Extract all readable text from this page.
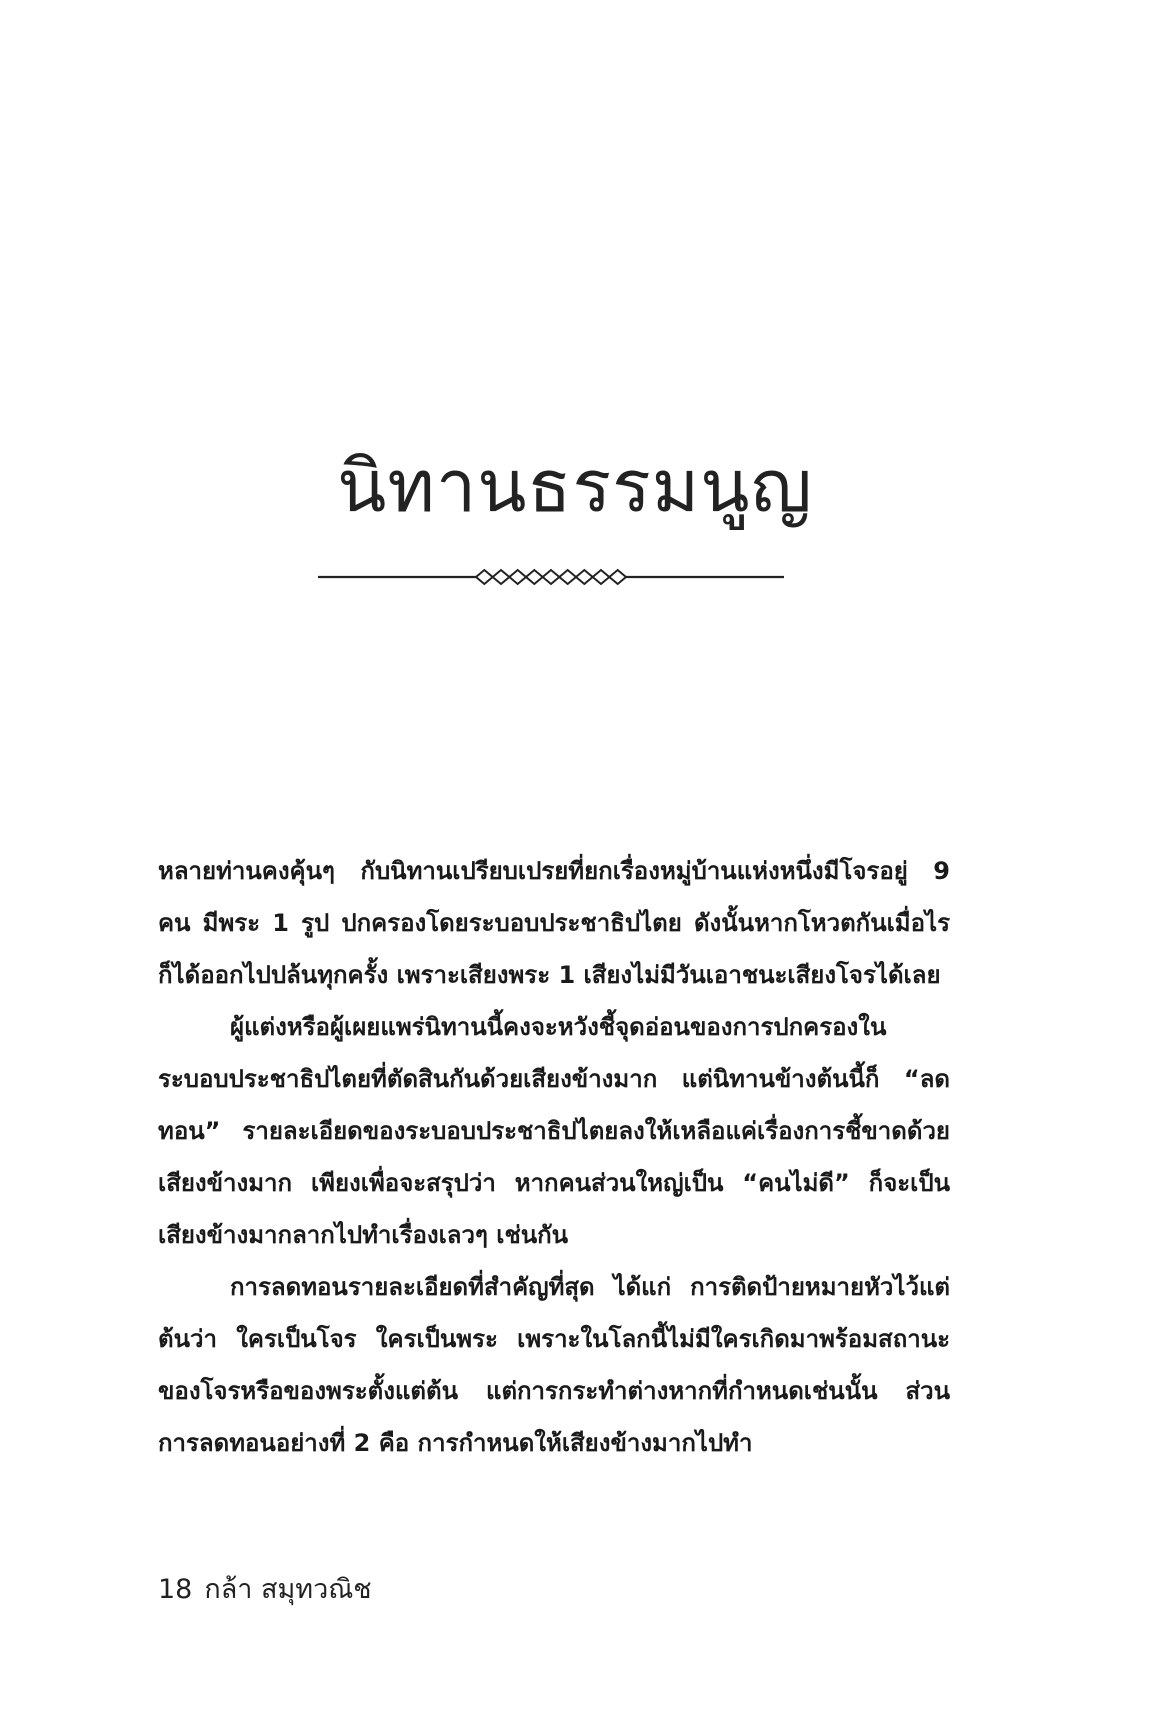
นิทานธรรมนูญ

หลายท่านคงคุ้นๆ กับนิทานเปรียบเปรยที่ยกเรื่องหมู่บ้านแห่งหนึ่งมีโจรอยู่ 9 คน มีพระ 1 รูป ปกครองโดยระบอบประชาธิปไตย ดังนั้นหากโหวตกันเมื่อไร ก็ได้ออกไปปล้นทุกครั้ง เพราะเสียงพระ 1 เสียงไม่มีวันเอาชนะเสียงโจรได้เลย

ผู้แต่งหรือผู้เผยแพร่นิทานนี้คงจะหวังชี้จุดอ่อนของการปกครองในระบอบประชาธิปไตยที่ตัดสินกันด้วยเสียงข้างมาก แต่นิทานข้างต้นนี้ก็ “ลดทอน” รายละเอียดของระบอบประชาธิปไตยลงให้เหลือแค่เรื่องการชี้ขาดด้วยเสียงข้างมาก เพียงเพื่อจะสรุปว่า หากคนส่วนใหญ่เป็น “คนไม่ดี” ก็จะเป็นเสียงข้างมากลากไปทำเรื่องเลวๆ เช่นกัน

การลดทอนรายละเอียดที่สำคัญที่สุด ได้แก่ การติดป้ายหมายหัวไว้แต่ต้นว่า ใครเป็นโจร ใครเป็นพระ เพราะในโลกนี้ไม่มีใครเกิดมาพร้อมสถานะของโจรหรือของพระตั้งแต่ต้น แต่การกระทำต่างหากที่กำหนดเช่นนั้น ส่วนการลดทอนอย่างที่ 2 คือ การกำหนดให้เสียงข้างมากไปทำ

18 กล้า สมุทวณิช
